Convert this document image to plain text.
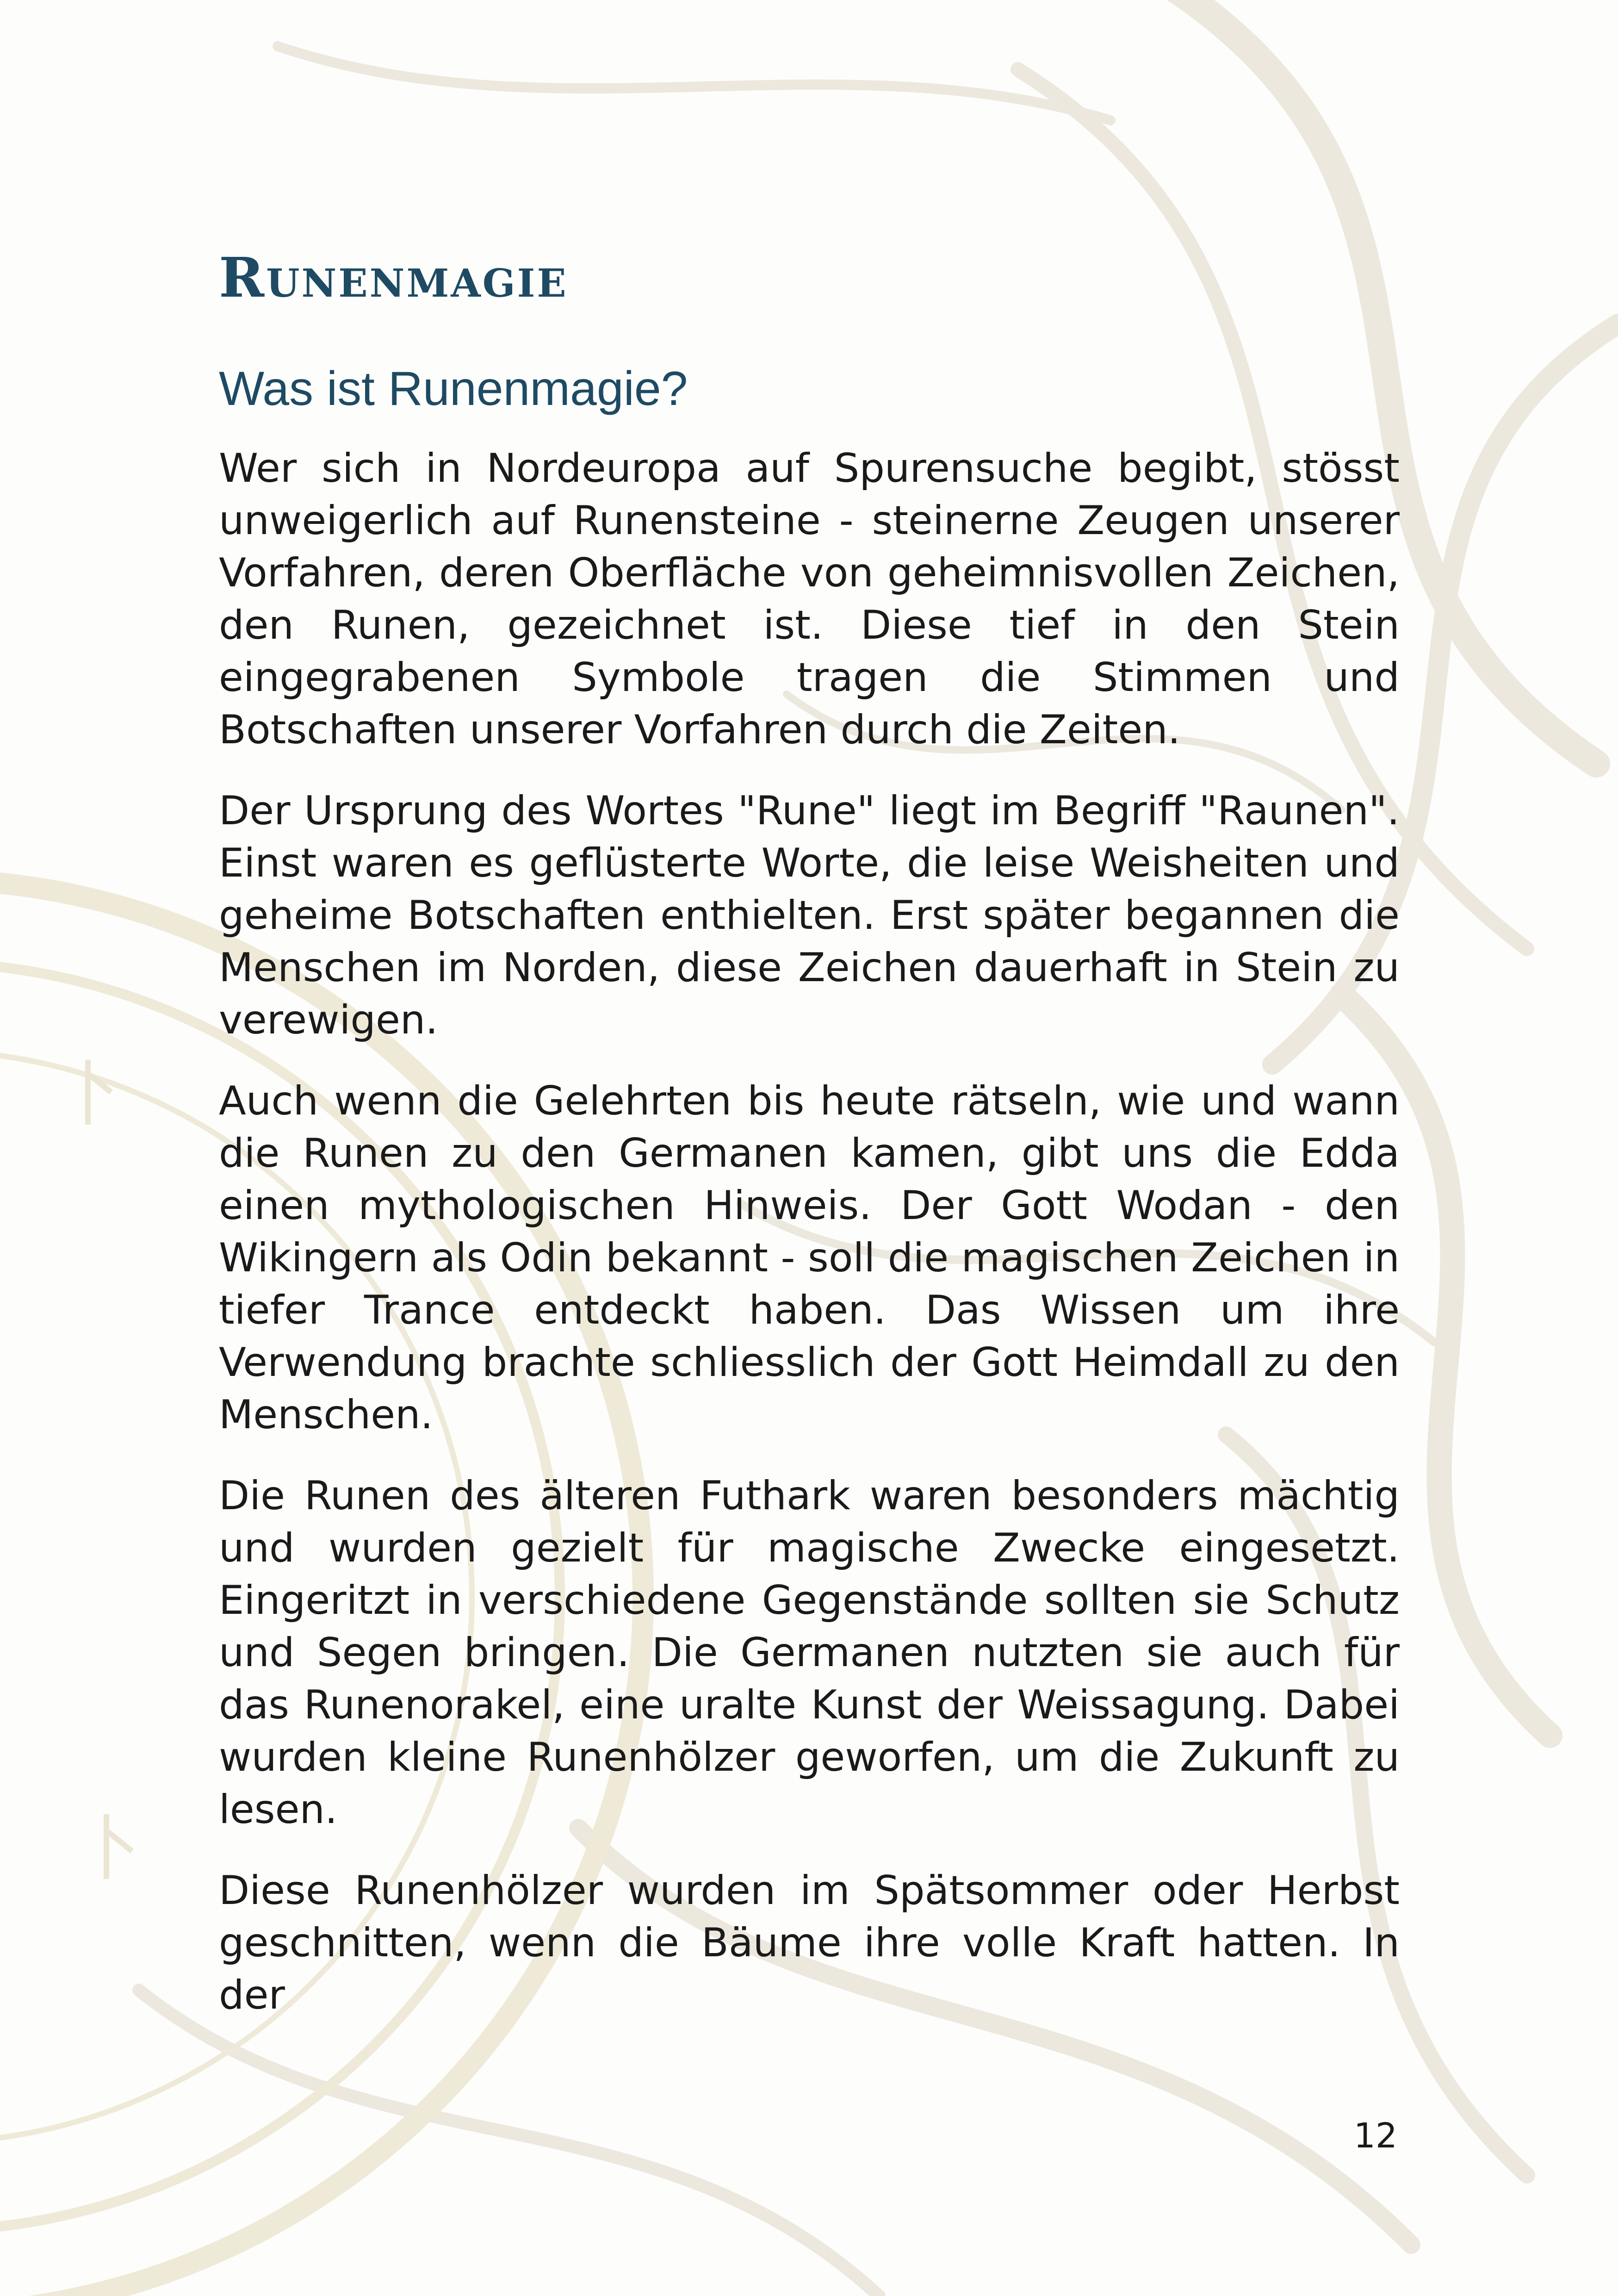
Runenmagie
Was ist Runenmagie?

Wer sich in Nordeuropa auf Spurensuche begibt, stösst unweigerlich auf Runensteine - steinerne Zeugen unserer Vorfahren, deren Oberfläche von geheimnisvollen Zeichen, den Runen, gezeichnet ist. Diese tief in den Stein eingegrabenen Symbole tragen die Stimmen und Botschaften unserer Vorfahren durch die Zeiten.

Der Ursprung des Wortes "Rune" liegt im Begriff "Raunen". Einst waren es geflüsterte Worte, die leise Weisheiten und geheime Botschaften enthielten. Erst später begannen die Menschen im Norden, diese Zeichen dauerhaft in Stein zu verewigen.

Auch wenn die Gelehrten bis heute rätseln, wie und wann die Runen zu den Germanen kamen, gibt uns die Edda einen mythologischen Hinweis. Der Gott Wodan - den Wikingern als Odin bekannt - soll die magischen Zeichen in tiefer Trance entdeckt haben. Das Wissen um ihre Verwendung brachte schliesslich der Gott Heimdall zu den Menschen.

Die Runen des älteren Futhark waren besonders mächtig und wurden gezielt für magische Zwecke eingesetzt. Eingeritzt in verschiedene Gegenstände sollten sie Schutz und Segen bringen. Die Germanen nutzten sie auch für das Runenorakel, eine uralte Kunst der Weissagung. Dabei wurden kleine Runenhölzer geworfen, um die Zukunft zu lesen.

Diese Runenhölzer wurden im Spätsommer oder Herbst geschnitten, wenn die Bäume ihre volle Kraft hatten. In der

12
